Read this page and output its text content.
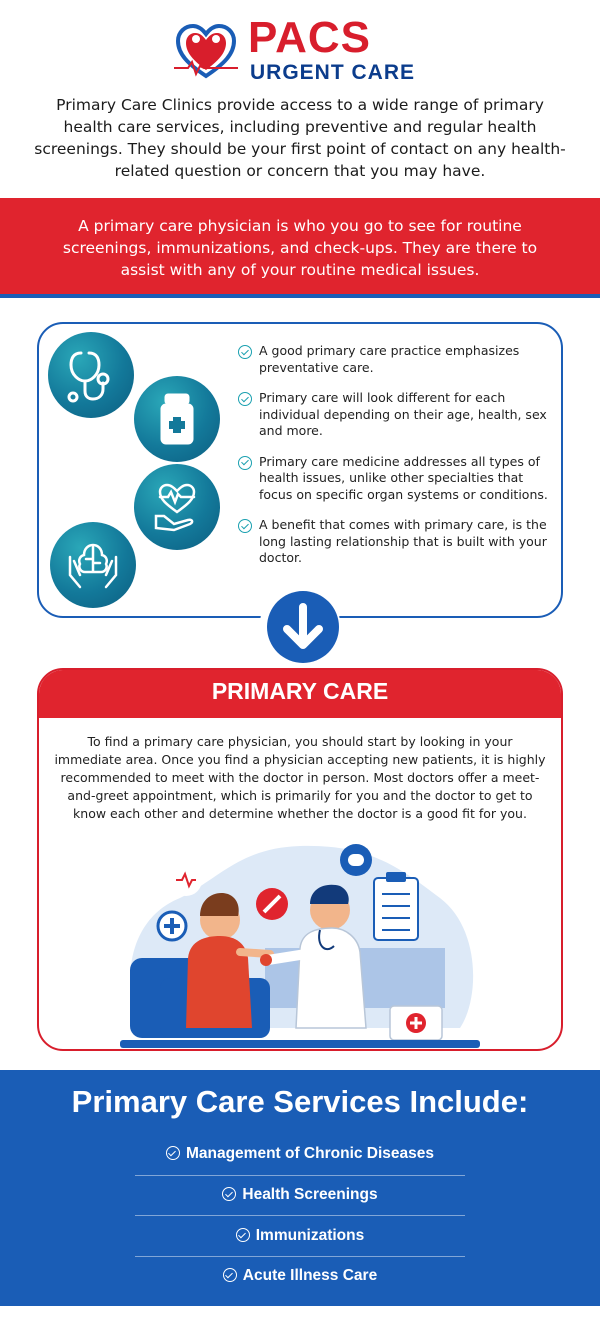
PACS
URGENT CARE

Primary Care Clinics provide access to a wide range of primary health care services, including preventive and regular health screenings. They should be your first point of contact on any health-related question or concern that you may have.

A primary care physician is who you go to see for routine screenings, immunizations, and check-ups. They are there to assist with any of your routine medical issues.

A good primary care practice emphasizes preventative care.
Primary care will look different for each individual depending on their age, health, sex and more.
Primary care medicine addresses all types of health issues, unlike other specialties that focus on specific organ systems or conditions.
A benefit that comes with primary care, is the long lasting relationship that is built with your doctor.
PRIMARY CARE

To find a primary care physician, you should start by looking in your immediate area. Once you find a physician accepting new patients, it is highly recommended to meet with the doctor in person. Most doctors offer a meet-and-greet appointment, which is primarily for you and the doctor to get to know each other and determine whether the doctor is a good fit for you.

Primary Care Services Include:
Management of Chronic Diseases
Health Screenings
Immunizations
Acute Illness Care
